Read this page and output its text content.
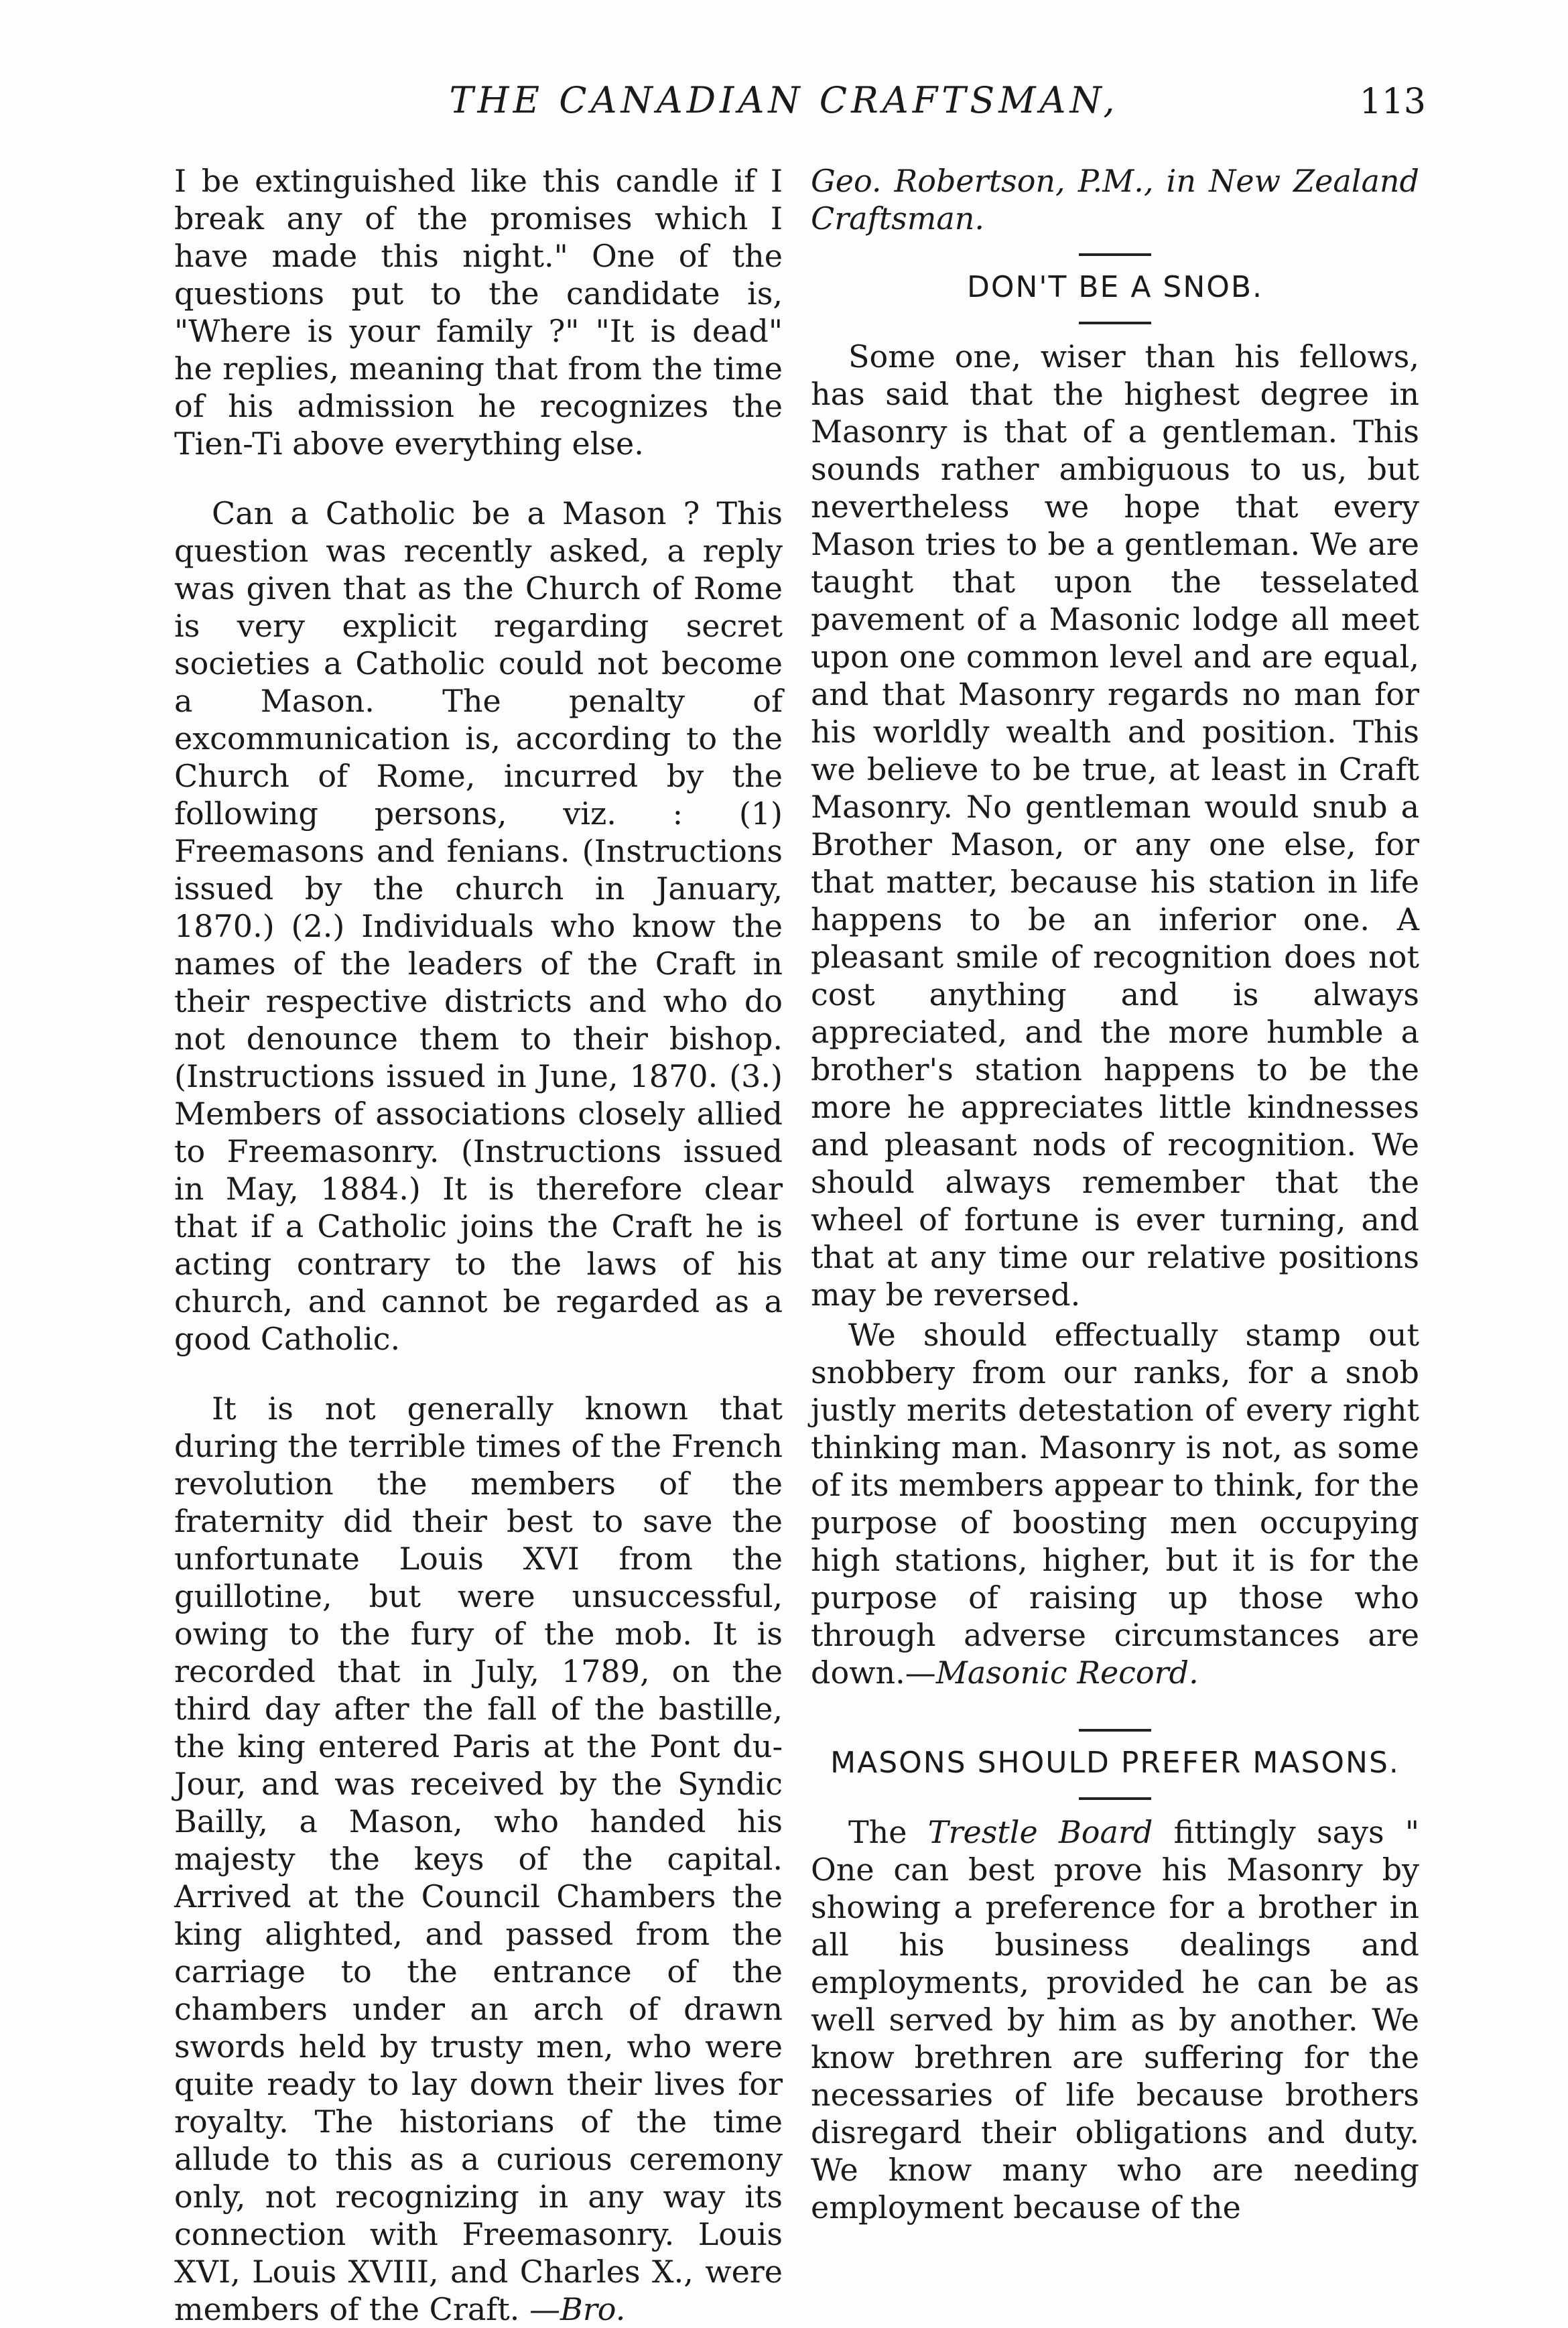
THE CANADIAN CRAFTSMAN,	113

I be extinguished like this candle if I break any of the promises which I have made this night." One of the questions put to the candidate is, "Where is your family ?" "It is dead" he replies, meaning that from the time of his admission he recognizes the Tien-Ti above everything else.

Can a Catholic be a Mason ? This question was recently asked, a reply was given that as the Church of Rome is very explicit regarding secret societies a Catholic could not become a Mason. The penalty of excommunication is, according to the Church of Rome, incurred by the following persons, viz. : (1) Freemasons and fenians. (Instructions issued by the church in January, 1870.) (2.) Individuals who know the names of the leaders of the Craft in their respective districts and who do not denounce them to their bishop. (Instructions issued in June, 1870. (3.) Members of associations closely allied to Freemasonry. (Instructions issued in May, 1884.) It is therefore clear that if a Catholic joins the Craft he is acting contrary to the laws of his church, and cannot be regarded as a good Catholic.

It is not generally known that during the terrible times of the French revolution the members of the fraternity did their best to save the unfortunate Louis XVI from the guillotine, but were unsuccessful, owing to the fury of the mob. It is recorded that in July, 1789, on the third day after the fall of the bastille, the king entered Paris at the Pont du-Jour, and was received by the Syndic Bailly, a Mason, who handed his majesty the keys of the capital. Arrived at the Council Chambers the king alighted, and passed from the carriage to the entrance of the chambers under an arch of drawn swords held by trusty men, who were quite ready to lay down their lives for royalty. The historians of the time allude to this as a curious ceremony only, not recognizing in any way its connection with Freemasonry. Louis XVI, Louis XVIII, and Charles X., were members of the Craft. —Bro.

Geo. Robertson, P.M., in New Zealand Craftsman.

DON'T BE A SNOB.

Some one, wiser than his fellows, has said that the highest degree in Masonry is that of a gentleman. This sounds rather ambiguous to us, but nevertheless we hope that every Mason tries to be a gentleman. We are taught that upon the tesselated pavement of a Masonic lodge all meet upon one common level and are equal, and that Masonry regards no man for his worldly wealth and position. This we believe to be true, at least in Craft Masonry. No gentleman would snub a Brother Mason, or any one else, for that matter, because his station in life happens to be an inferior one. A pleasant smile of recognition does not cost anything and is always appreciated, and the more humble a brother's station happens to be the more he appreciates little kindnesses and pleasant nods of recognition. We should always remember that the wheel of fortune is ever turning, and that at any time our relative positions may be reversed.

We should effectually stamp out snobbery from our ranks, for a snob justly merits detestation of every right thinking man. Masonry is not, as some of its members appear to think, for the purpose of boosting men occupying high stations, higher, but it is for the purpose of raising up those who through adverse circumstances are down.—Masonic Record.

MASONS SHOULD PREFER MASONS.

The Trestle Board fittingly says " One can best prove his Masonry by showing a preference for a brother in all his business dealings and employments, provided he can be as well served by him as by another. We know brethren are suffering for the necessaries of life because brothers disregard their obligations and duty. We know many who are needing employment because of the
